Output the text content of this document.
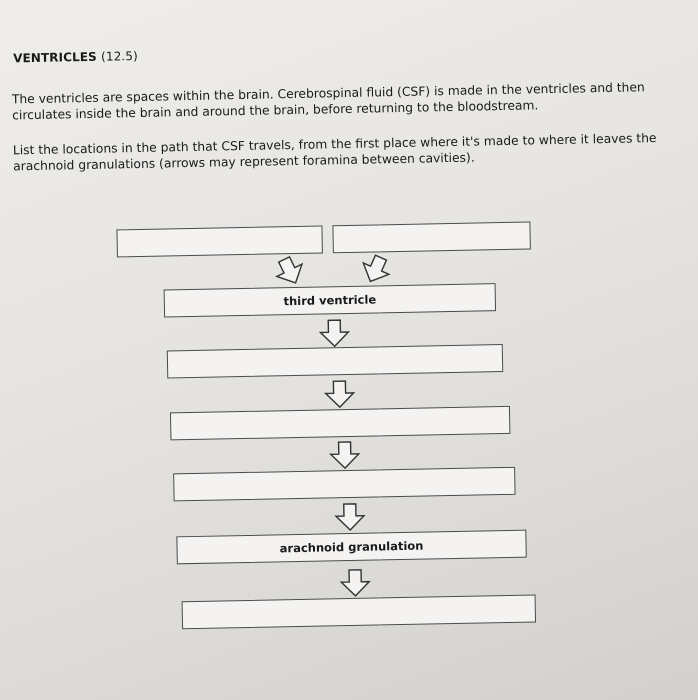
VENTRICLES (12.5)
The ventricles are spaces within the brain. Cerebrospinal fluid (CSF) is made in the ventricles and then circulates inside the brain and around the brain, before returning to the bloodstream.
List the locations in the path that CSF travels, from the first place where it's made to where it leaves the arachnoid granulations (arrows may represent foramina between cavities).
third ventricle
arachnoid granulation
